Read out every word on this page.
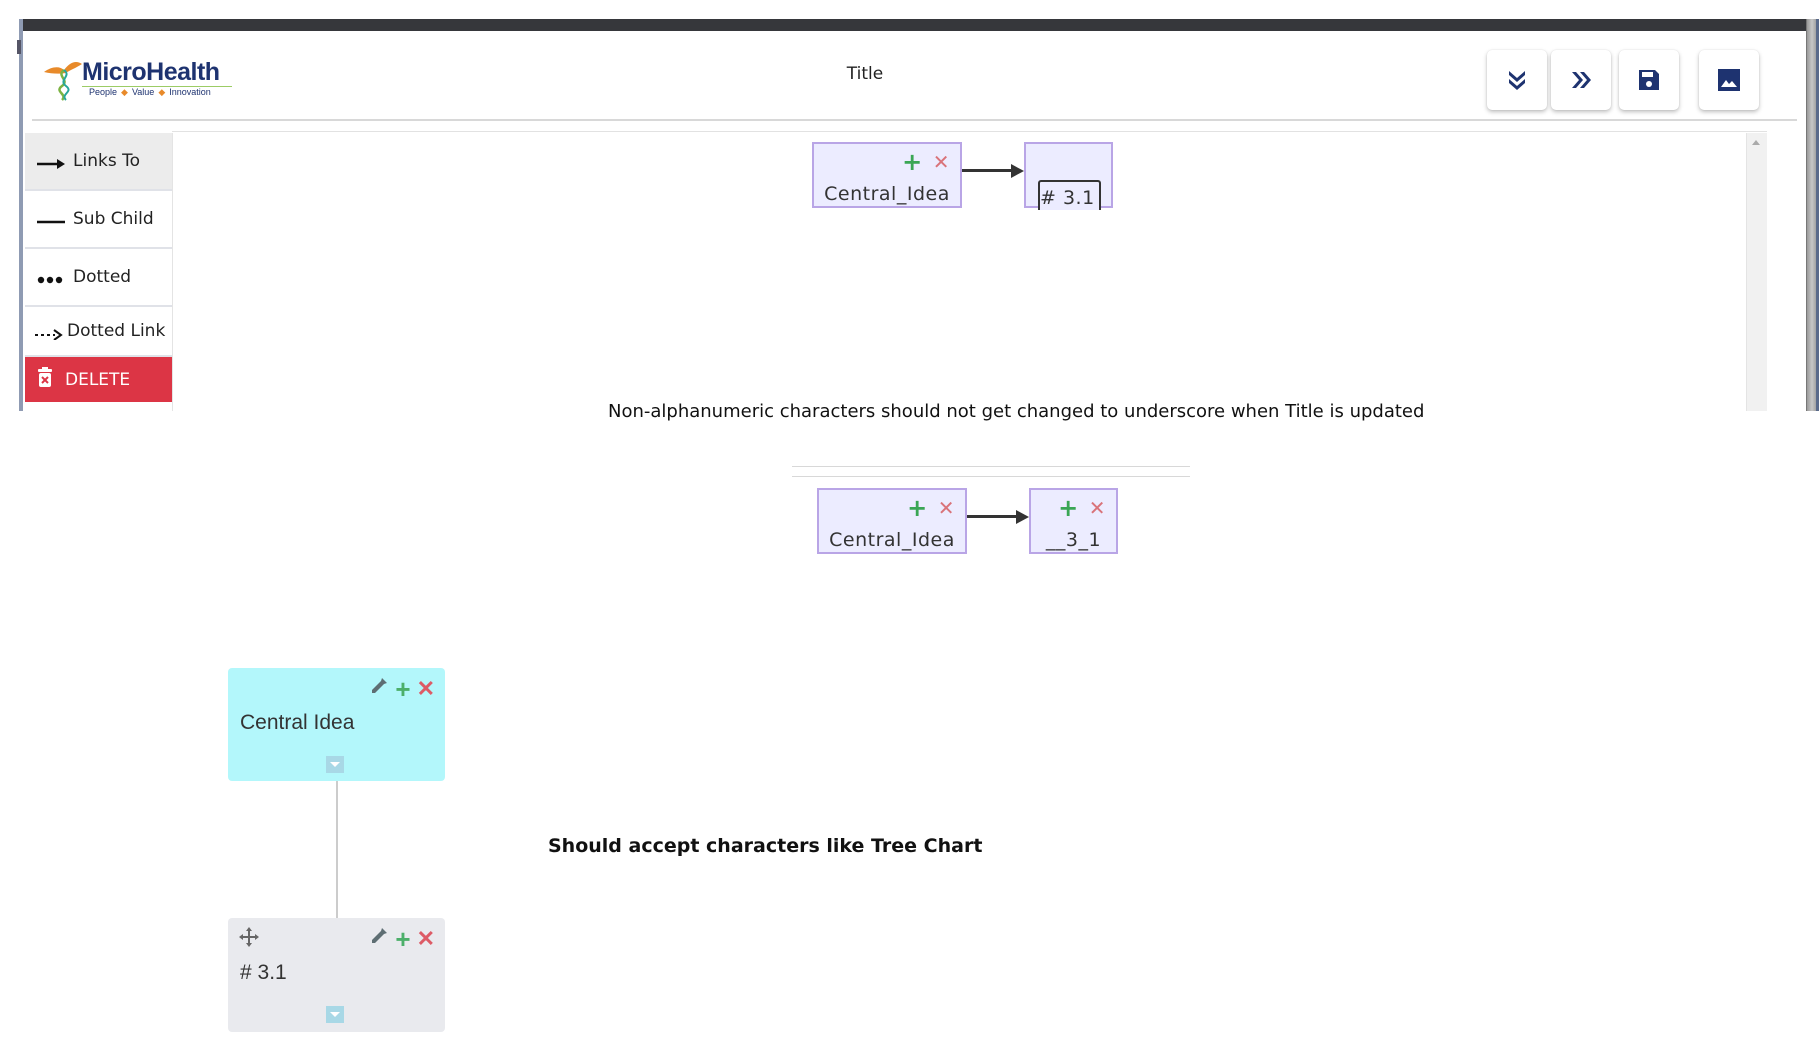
MicroHealth
People ◆ Value ◆ Innovation
Title
Links To
Sub Child
Dotted
Dotted Link
DELETE
+ ✕
Central_Idea	# 3.1
Non-alphanumeric characters should not get changed to underscore when Title is updated
+ ✕
Central_Idea
+ ✕
__3_1
Should accept characters like Tree Chart
+ ✕
Central Idea
+ ✕
# 3.1
